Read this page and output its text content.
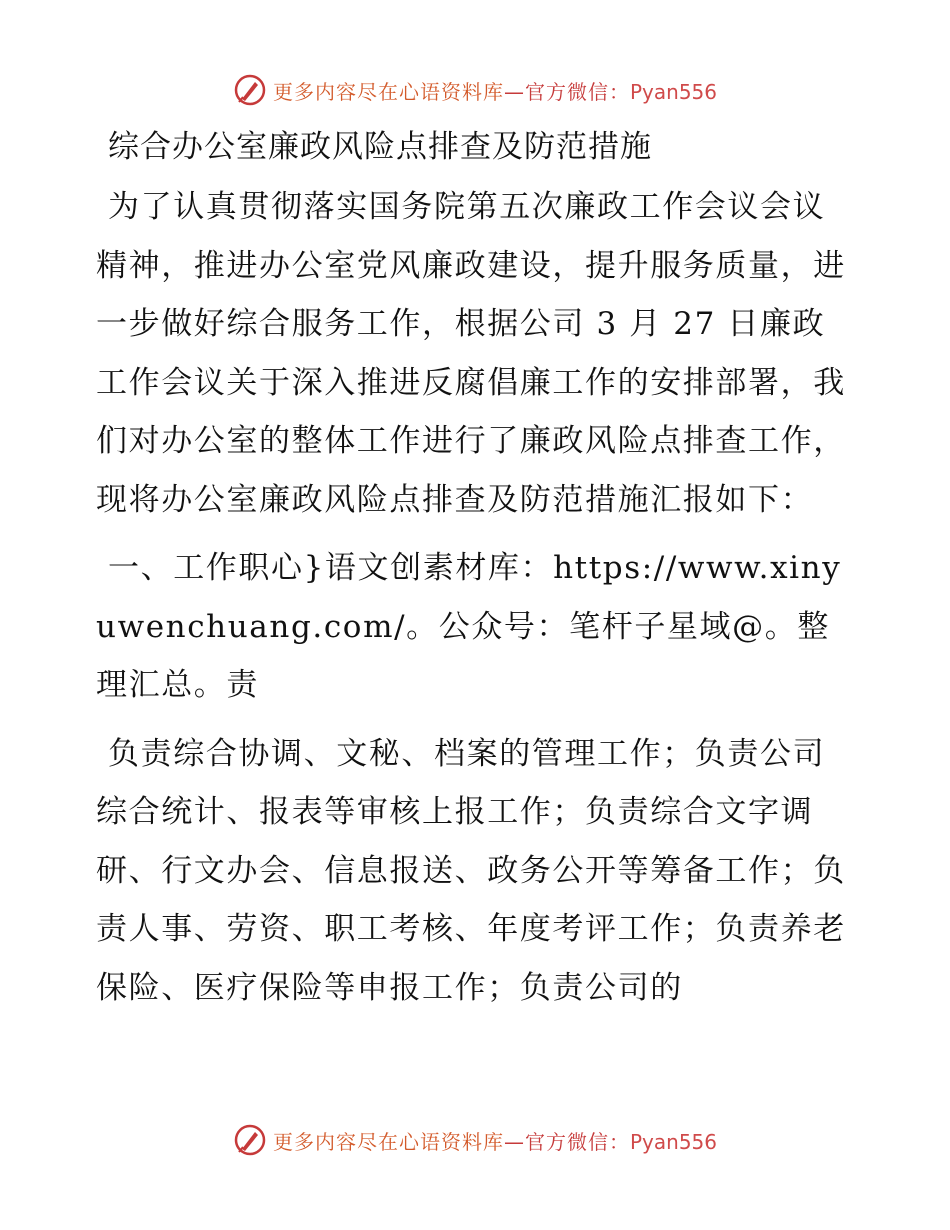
更多内容尽在心语资料库—官方微信：Pyan556
综合办公室廉政风险点排查及防范措施

为了认真贯彻落实国务院第五次廉政工作会议会议精神，推进办公室党风廉政建设，提升服务质量，进一步做好综合服务工作，根据公司 3 月 27 日廉政工作会议关于深入推进反腐倡廉工作的安排部署，我们对办公室的整体工作进行了廉政风险点排查工作，现将办公室廉政风险点排查及防范措施汇报如下：

一、工作职心}语文创素材库：https://www.xinyuwenchuang.com/。公众号：笔杆子星域@。整理汇总。责

负责综合协调、文秘、档案的管理工作；负责公司综合统计、报表等审核上报工作；负责综合文字调研、行文办会、信息报送、政务公开等筹备工作；负责人事、劳资、职工考核、年度考评工作；负责养老保险、医疗保险等申报工作；负责公司的

更多内容尽在心语资料库—官方微信：Pyan556
